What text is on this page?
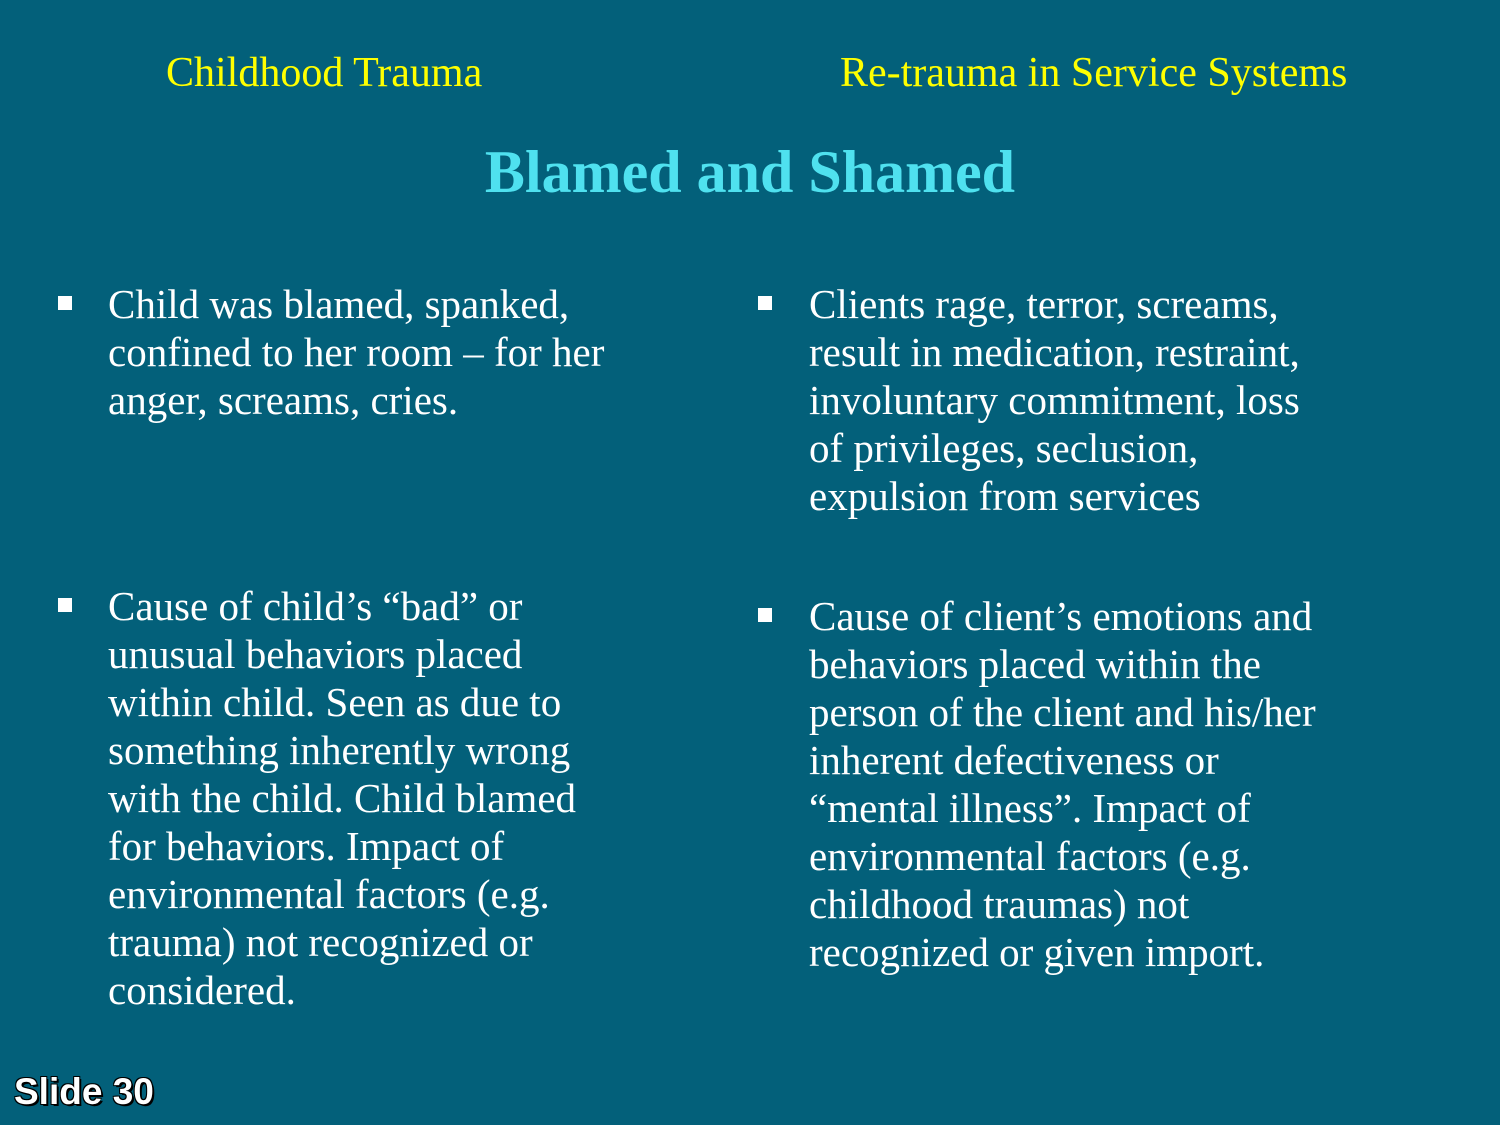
Childhood Trauma	Re-trauma in Service Systems
Blamed and Shamed
Child was blamed, spanked,
confined to her room – for her
anger, screams, cries.
Clients rage, terror, screams,
result in medication, restraint,
involuntary commitment, loss
of privileges, seclusion,
expulsion from services
Cause of child’s “bad” or
unusual behaviors placed
within child. Seen as due to
something inherently wrong
with the child. Child blamed
for behaviors. Impact of
environmental factors (e.g.
trauma) not recognized or
considered.
Cause of client’s emotions and
behaviors placed within the
person of the client and his/her
inherent defectiveness or
“mental illness”. Impact of
environmental factors (e.g.
childhood traumas) not
recognized or given import.
Slide 30
